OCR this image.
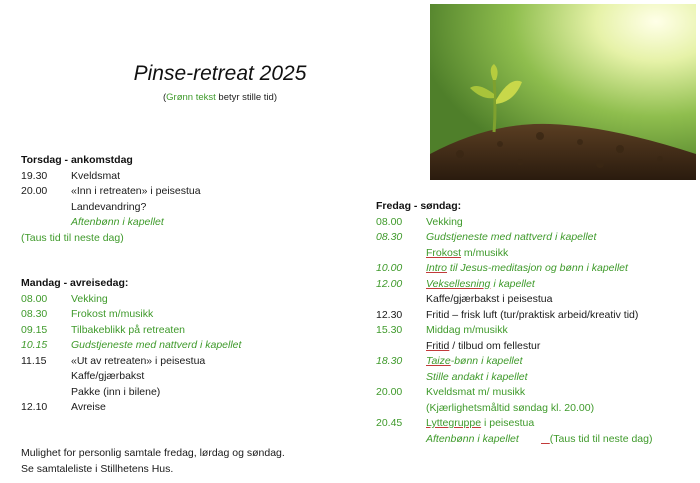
Pinse-retreat 2025
(Grønn tekst betyr stille tid)
Torsdag - ankomstdag
19.30 Kveldsmat
20.00 «Inn i retreaten» i peisestua
Landevandring?
Aftenbønn i kapellet
(Taus tid til neste dag)
Mandag - avreisedag:
08.00 Vekking
08.30 Frokost m/musikk
09.15 Tilbakeblikk på retreaten
10.15 Gudstjeneste med nattverd i kapellet
11.15 «Ut av retreaten» i peisestua
Kaffe/gjærbakst
Pakke (inn i bilene)
12.10 Avreise
Fredag - søndag:
08.00 Vekking
08.30 Gudstjeneste med nattverd i kapellet
Frokost m/musikk
10.00 Intro til Jesus-meditasjon og bønn i kapellet
12.00 Veksellesning i kapellet
Kaffe/gjærbakst i peisestua
12.30 Fritid – frisk luft (tur/praktisk arbeid/kreativ tid)
15.30 Middag m/musikk
Fritid / tilbud om fellestur
18.30 Taize-bønn i kapellet
Stille andakt i kapellet
20.00 Kveldsmat m/ musikk
(Kjærlighetsmåltid søndag kl. 20.00)
20.45 Lyttegruppe i peisestua
Aftenbønn i kapellet	(Taus tid til neste dag)
Mulighet for personlig samtale fredag, lørdag og søndag.
Se samtaleliste i Stillhetens Hus.
